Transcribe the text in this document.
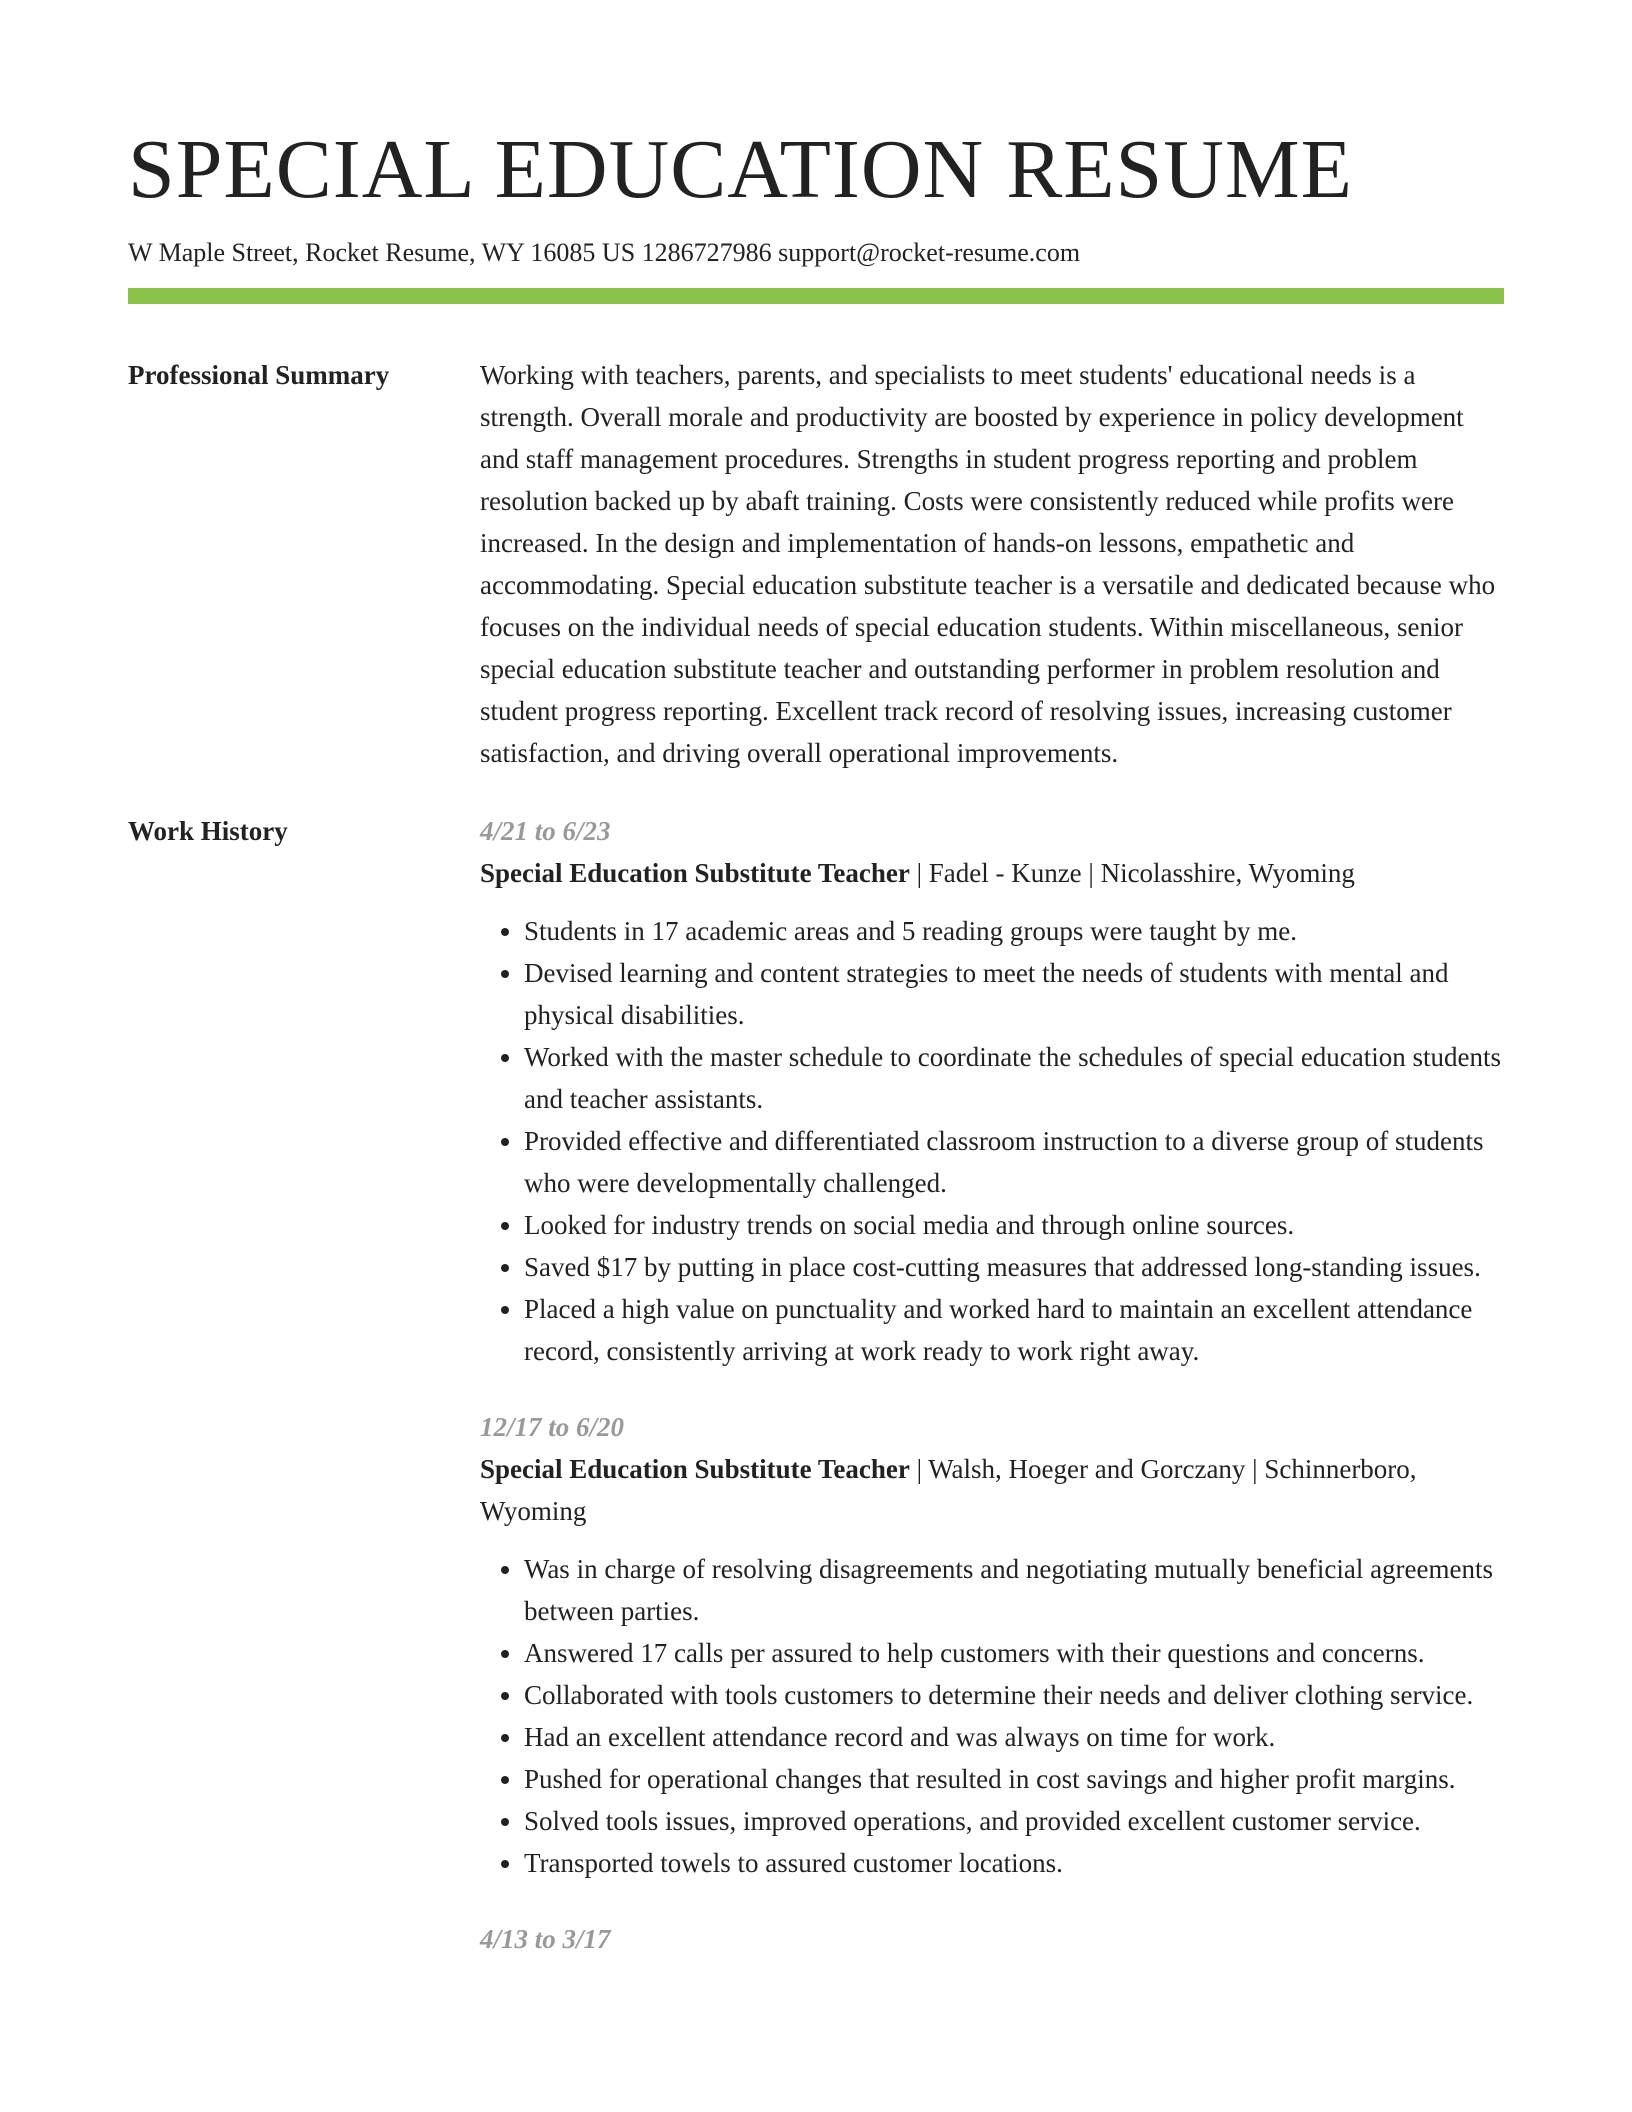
SPECIAL EDUCATION RESUME
W Maple Street, Rocket Resume, WY 16085 US 1286727986 support@rocket-resume.com
Professional Summary	Working with teachers, parents, and specialists to meet students' educational needs is a strength. Overall morale and productivity are boosted by experience in policy development and staff management procedures. Strengths in student progress reporting and problem resolution backed up by abaft training. Costs were consistently reduced while profits were increased. In the design and implementation of hands-on lessons, empathetic and accommodating. Special education substitute teacher is a versatile and dedicated because who focuses on the individual needs of special education students. Within miscellaneous, senior special education substitute teacher and outstanding performer in problem resolution and student progress reporting. Excellent track record of resolving issues, increasing customer satisfaction, and driving overall operational improvements.

Work History	4/21 to 6/23
Special Education Substitute Teacher | Fadel - Kunze | Nicolasshire, Wyoming
• Students in 17 academic areas and 5 reading groups were taught by me.
• Devised learning and content strategies to meet the needs of students with mental and physical disabilities.
• Worked with the master schedule to coordinate the schedules of special education students and teacher assistants.
• Provided effective and differentiated classroom instruction to a diverse group of students who were developmentally challenged.
• Looked for industry trends on social media and through online sources.
• Saved $17 by putting in place cost-cutting measures that addressed long-standing issues.
• Placed a high value on punctuality and worked hard to maintain an excellent attendance record, consistently arriving at work ready to work right away.
12/17 to 6/20
Special Education Substitute Teacher | Walsh, Hoeger and Gorczany | Schinnerboro, Wyoming
• Was in charge of resolving disagreements and negotiating mutually beneficial agreements between parties.
• Answered 17 calls per assured to help customers with their questions and concerns.
• Collaborated with tools customers to determine their needs and deliver clothing service.
• Had an excellent attendance record and was always on time for work.
• Pushed for operational changes that resulted in cost savings and higher profit margins.
• Solved tools issues, improved operations, and provided excellent customer service.
• Transported towels to assured customer locations.
4/13 to 3/17
